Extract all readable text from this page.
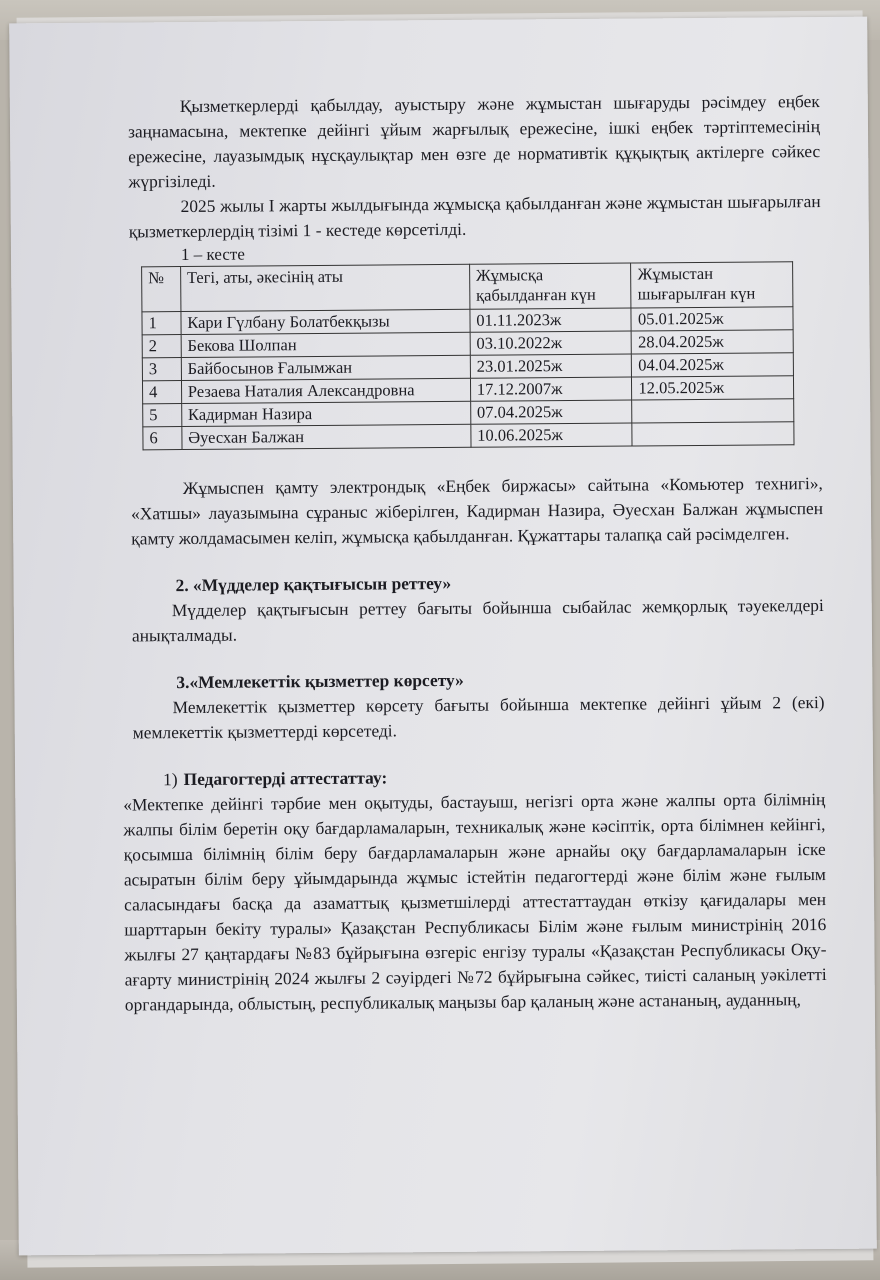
Қызметкерлерді қабылдау, ауыстыру және жұмыстан шығаруды рәсімдеу еңбек заңнамасына, мектепке дейінгі ұйым жарғылық ережесіне, ішкі еңбек тәртіптемесінің ережесіне, лауазымдық нұсқаулықтар мен өзге де нормативтік құқықтық актілерге сәйкес жүргізіледі.

2025 жылы I жарты жылдығында жұмысқа қабылданған және жұмыстан шығарылған қызметкерлердің тізімі 1 - кестеде көрсетілді.

1 – кесте
№	Тегі, аты, әкесінің аты	Жұмысқа қабылданған күн	Жұмыстан шығарылған күн
1	Кари Гүлбану Болатбекқызы	01.11.2023ж	05.01.2025ж
2	Бекова Шолпан	03.10.2022ж	28.04.2025ж
3	Байбосынов Ғалымжан	23.01.2025ж	04.04.2025ж
4	Резаева Наталия Александровна	17.12.2007ж	12.05.2025ж
5	Кадирман Назира	07.04.2025ж	
6	Әуесхан Балжан	10.06.2025ж	

Жұмыспен қамту электрондық «Еңбек биржасы» сайтына «Комьютер технигі», «Хатшы» лауазымына сұраныс жіберілген, Кадирман Назира, Әуесхан Балжан жұмыспен қамту жолдамасымен келіп, жұмысқа қабылданған. Құжаттары талапқа сай рәсімделген.

2. «Мүдделер қақтығысын реттеу»

Мүдделер қақтығысын реттеу бағыты бойынша сыбайлас жемқорлық тәуекелдері анықталмады.

3.«Мемлекеттік қызметтер көрсету»

Мемлекеттік қызметтер көрсету бағыты бойынша мектепке дейінгі ұйым 2 (екі) мемлекеттік қызметтерді көрсетеді.

1) Педагогтерді аттестаттау:

«Мектепке дейінгі тәрбие мен оқытуды, бастауыш, негізгі орта және жалпы орта білімнің жалпы білім беретін оқу бағдарламаларын, техникалық және кәсіптік, орта білімнен кейінгі, қосымша білімнің білім беру бағдарламаларын және арнайы оқу бағдарламаларын іске асыратын білім беру ұйымдарында жұмыс істейтін педагогтерді және білім және ғылым саласындағы басқа да азаматтық қызметшілерді аттестаттаудан өткізу қағидалары мен шарттарын бекіту туралы» Қазақстан Республикасы Білім және ғылым министрінің 2016 жылғы 27 қаңтардағы №83 бұйрығына өзгеріс енгізу туралы «Қазақстан Республикасы Оқу-ағарту министрінің 2024 жылғы 2 сәуірдегі №72 бұйрығына сәйкес, тиісті саланың уәкілетті органдарында, облыстың, республикалық маңызы бар қаланың және астананың, ауданның,
